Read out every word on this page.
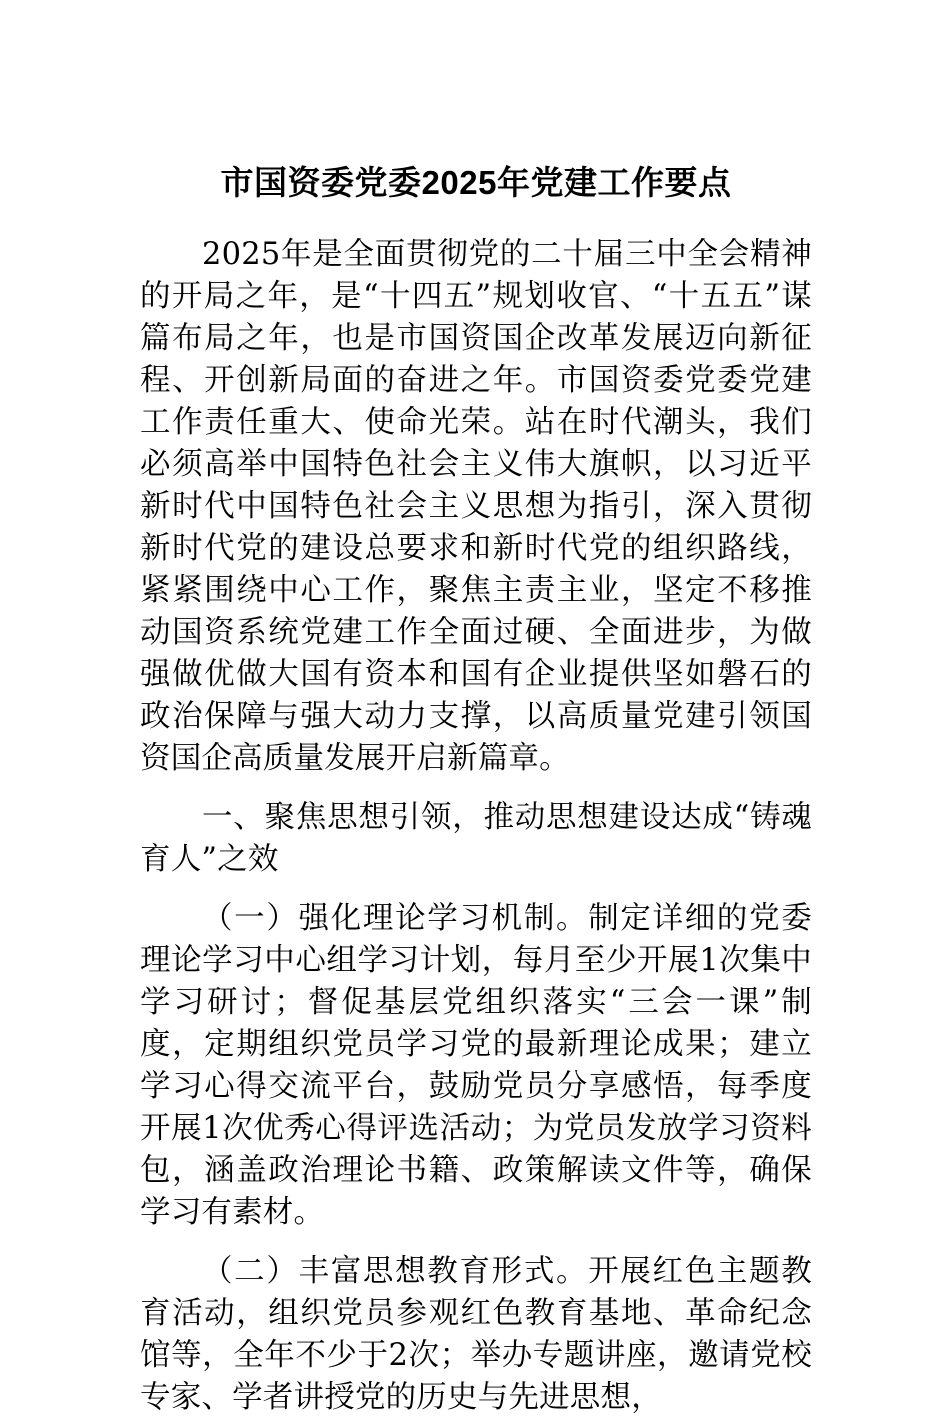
市国资委党委2025年党建工作要点

2025年是全面贯彻党的二十届三中全会精神的开局之年，是“十四五”规划收官、“十五五”谋篇布局之年，也是市国资国企改革发展迈向新征程、开创新局面的奋进之年。市国资委党委党建工作责任重大、使命光荣。站在时代潮头，我们必须高举中国特色社会主义伟大旗帜，以习近平新时代中国特色社会主义思想为指引，深入贯彻新时代党的建设总要求和新时代党的组织路线，紧紧围绕中心工作，聚焦主责主业，坚定不移推动国资系统党建工作全面过硬、全面进步，为做强做优做大国有资本和国有企业提供坚如磐石的政治保障与强大动力支撑，以高质量党建引领国资国企高质量发展开启新篇章。

一、聚焦思想引领，推动思想建设达成“铸魂育人”之效

（一）强化理论学习机制。制定详细的党委理论学习中心组学习计划，每月至少开展1次集中学习研讨；督促基层党组织落实“三会一课”制度，定期组织党员学习党的最新理论成果；建立学习心得交流平台，鼓励党员分享感悟，每季度开展1次优秀心得评选活动；为党员发放学习资料包，涵盖政治理论书籍、政策解读文件等，确保学习有素材。

（二）丰富思想教育形式。开展红色主题教育活动，组织党员参观红色教育基地、革命纪念馆等，全年不少于2次；举办专题讲座，邀请党校专家、学者讲授党的历史与先进思想，
